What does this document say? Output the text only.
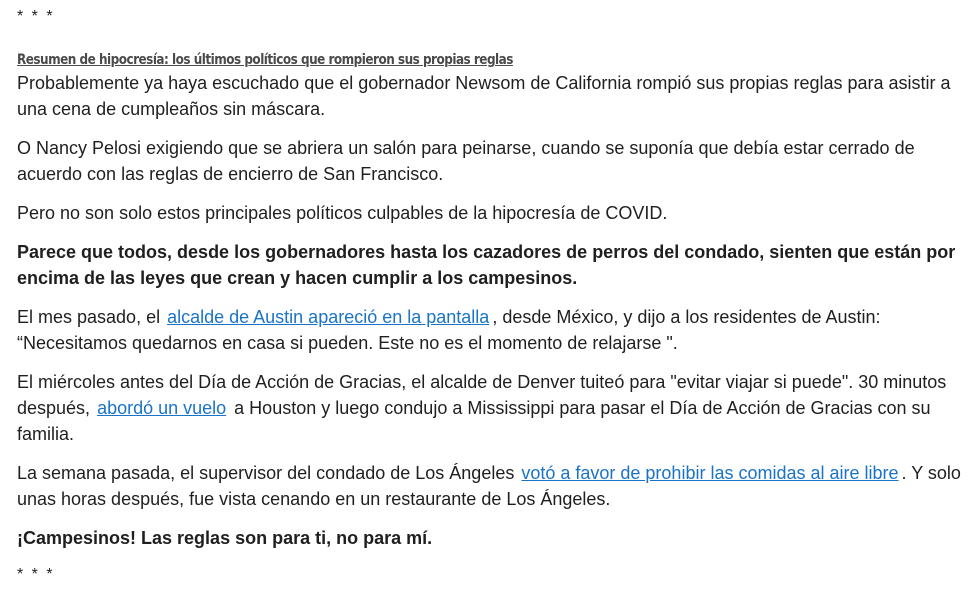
* * *
Resumen de hipocresía: los últimos políticos que rompieron sus propias reglas

Probablemente ya haya escuchado que el gobernador Newsom de California rompió sus propias reglas para asistir a una cena de cumpleaños sin máscara.

O Nancy Pelosi exigiendo que se abriera un salón para peinarse, cuando se suponía que debía estar cerrado de acuerdo con las reglas de encierro de San Francisco.

Pero no son solo estos principales políticos culpables de la hipocresía de COVID.

Parece que todos, desde los gobernadores hasta los cazadores de perros del condado, sienten que están por encima de las leyes que crean y hacen cumplir a los campesinos.

El mes pasado, el alcalde de Austin apareció en la pantalla , desde México, y dijo a los residentes de Austin: “Necesitamos quedarnos en casa si pueden. Este no es el momento de relajarse ".

El miércoles antes del Día de Acción de Gracias, el alcalde de Denver tuiteó para "evitar viajar si puede". 30 minutos después, abordó un vuelo a Houston y luego condujo a Mississippi para pasar el Día de Acción de Gracias con su familia.

La semana pasada, el supervisor del condado de Los Ángeles votó a favor de prohibir las comidas al aire libre . Y solo unas horas después, fue vista cenando en un restaurante de Los Ángeles.

¡Campesinos! Las reglas son para ti, no para mí.

* * *
